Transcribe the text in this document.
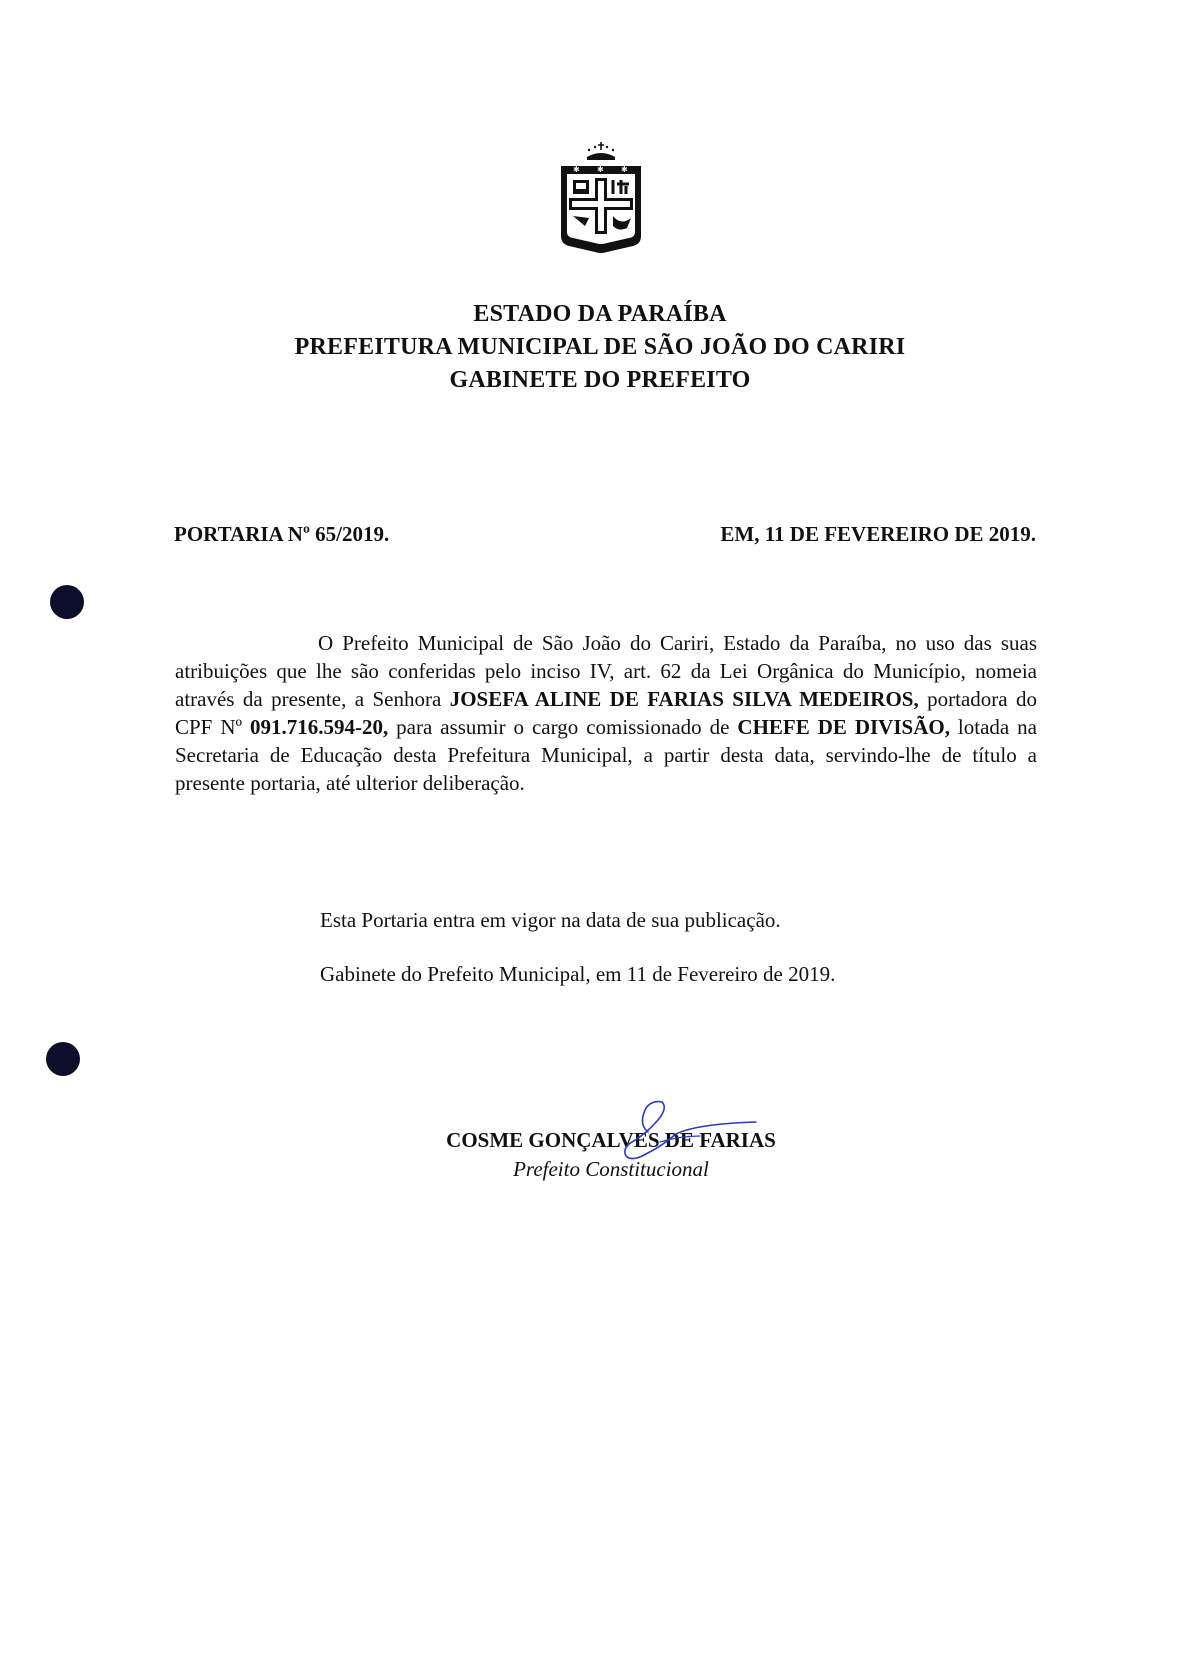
✱ ✱ ✱
ESTADO DA PARAÍBA
PREFEITURA MUNICIPAL DE SÃO JOÃO DO CARIRI
GABINETE DO PREFEITO
PORTARIA Nº 65/2019.	EM, 11 DE FEVEREIRO DE 2019.
O Prefeito Municipal de São João do Cariri, Estado da Paraíba, no uso das suas atribuições que lhe são conferidas pelo inciso IV, art. 62 da Lei Orgânica do Município, nomeia através da presente, a Senhora JOSEFA ALINE DE FARIAS SILVA MEDEIROS, portadora do CPF Nº 091.716.594-20, para assumir o cargo comissionado de CHEFE DE DIVISÃO, lotada na Secretaria de Educação desta Prefeitura Municipal, a partir desta data, servindo-lhe de título a presente portaria, até ulterior deliberação.
Esta Portaria entra em vigor na data de sua publicação.
Gabinete do Prefeito Municipal, em 11 de Fevereiro de 2019.
COSME GONÇALVES DE FARIAS
Prefeito Constitucional
